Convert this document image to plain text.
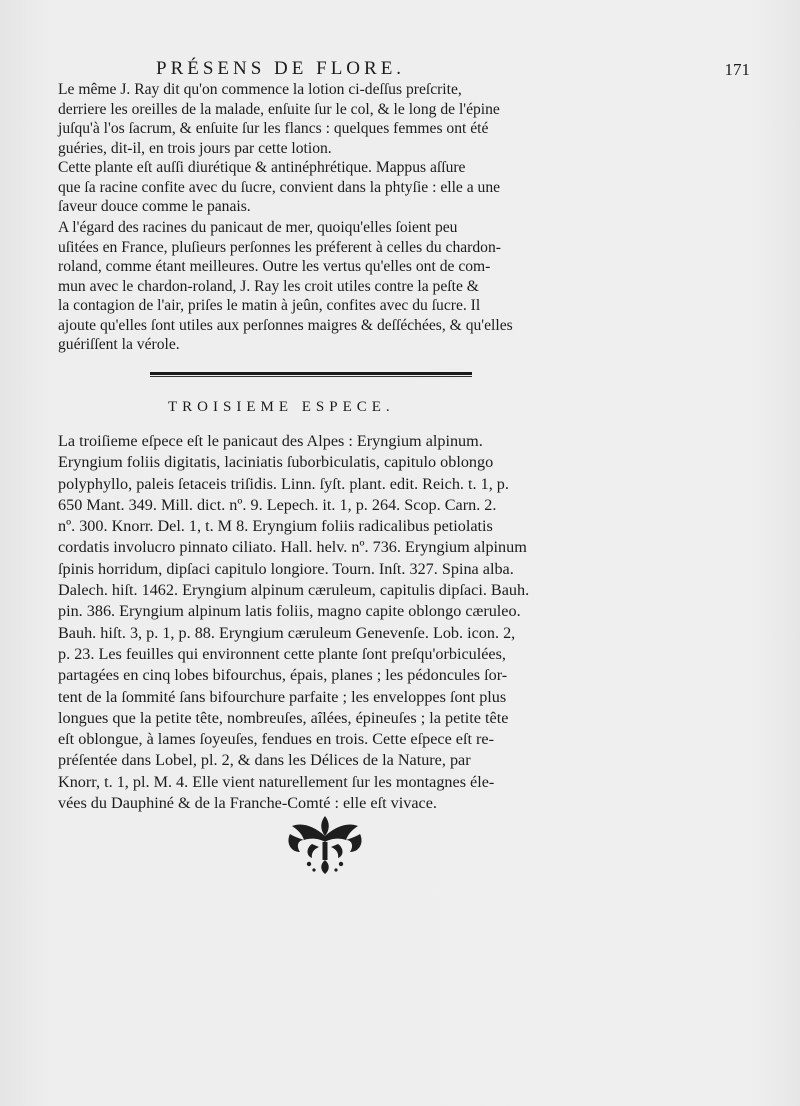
PRÉSENS DE FLORE.	171
Le même J. Ray dit qu'on commence la lotion ci-deſſus preſcrite,
derriere les oreilles de la malade, enſuite ſur le col, & le long de l'épine
juſqu'à l'os ſacrum, & enſuite ſur les flancs : quelques femmes ont été
guéries, dit-il, en trois jours par cette lotion.
Cette plante eſt auſſi diurétique & antinéphrétique. Mappus aſſure
que ſa racine confite avec du ſucre, convient dans la phtyſie : elle a une
ſaveur douce comme le panais.
A l'égard des racines du panicaut de mer, quoiqu'elles ſoient peu
uſitées en France, pluſieurs perſonnes les préferent à celles du chardon-
roland, comme étant meilleures. Outre les vertus qu'elles ont de com-
mun avec le chardon-roland, J. Ray les croit utiles contre la peſte &
la contagion de l'air, priſes le matin à jeûn, confites avec du ſucre. Il
ajoute qu'elles ſont utiles aux perſonnes maigres & deſſéchées, & qu'elles
guériſſent la vérole.
TROISIEME ESPECE.
La troiſieme eſpece eſt le panicaut des Alpes : Eryngium alpinum.
Eryngium foliis digitatis, laciniatis ſuborbiculatis, capitulo oblongo
polyphyllo, paleis ſetaceis triſidis. Linn. ſyſt. plant. edit. Reich. t. 1, p.
650 Mant. 349. Mill. dict. nº. 9. Lepech. it. 1, p. 264. Scop. Carn. 2.
nº. 300. Knorr. Del. 1, t. M 8. Eryngium foliis radicalibus petiolatis
cordatis involucro pinnato ciliato. Hall. helv. nº. 736. Eryngium alpinum
ſpinis horridum, dipſaci capitulo longiore. Tourn. Inſt. 327. Spina alba.
Dalech. hiſt. 1462. Eryngium alpinum cæruleum, capitulis dipſaci. Bauh.
pin. 386. Eryngium alpinum latis foliis, magno capite oblongo cæruleo.
Bauh. hiſt. 3, p. 1, p. 88. Eryngium cæruleum Genevenſe. Lob. icon. 2,
p. 23. Les feuilles qui environnent cette plante ſont preſqu'orbiculées,
partagées en cinq lobes bifourchus, épais, planes ; les pédoncules ſor-
tent de la ſommité ſans bifourchure parfaite ; les enveloppes ſont plus
longues que la petite tête, nombreuſes, aîlées, épineuſes ; la petite tête
eſt oblongue, à lames ſoyeuſes, fendues en trois. Cette eſpece eſt re-
préſentée dans Lobel, pl. 2, & dans les Délices de la Nature, par
Knorr, t. 1, pl. M. 4. Elle vient naturellement ſur les montagnes éle-
vées du Dauphiné & de la Franche-Comté : elle eſt vivace.
